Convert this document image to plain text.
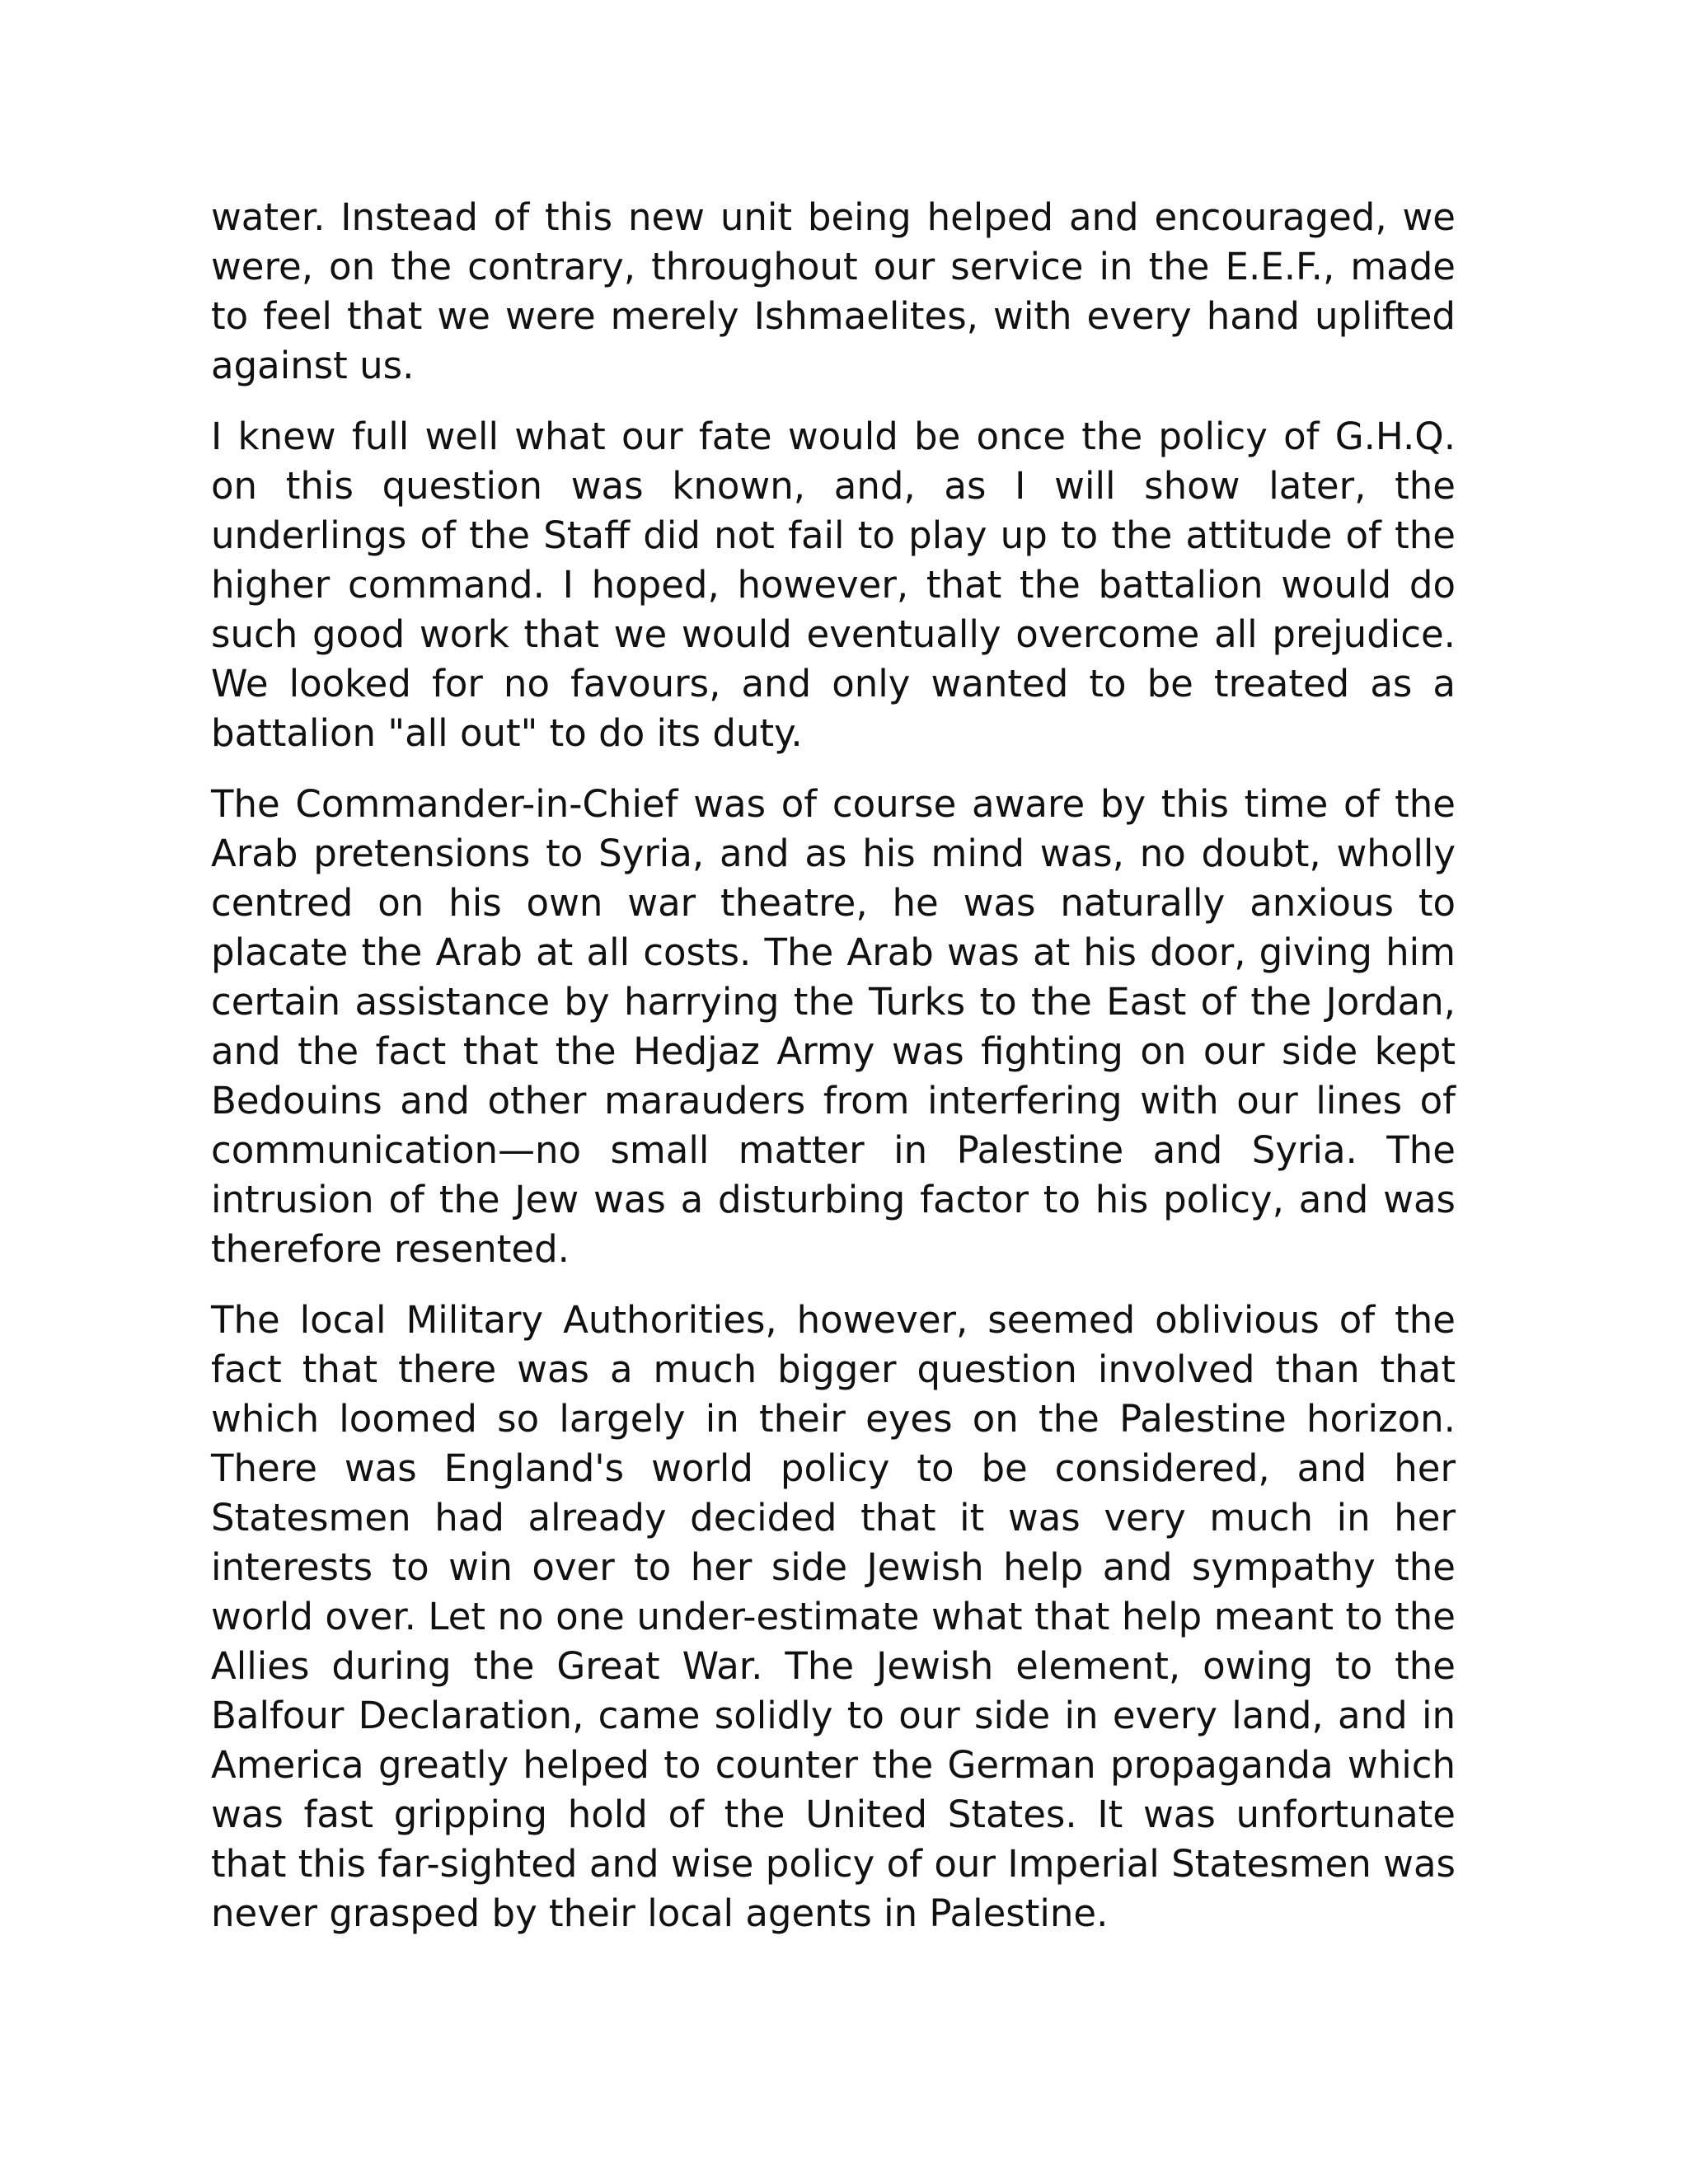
water. Instead of this new unit being helped and encouraged, we were, on the contrary, throughout our service in the E.E.F., made to feel that we were merely Ishmaelites, with every hand uplifted against us.

I knew full well what our fate would be once the policy of G.H.Q. on this question was known, and, as I will show later, the underlings of the Staff did not fail to play up to the attitude of the higher command. I hoped, however, that the battalion would do such good work that we would eventually overcome all prejudice. We looked for no favours, and only wanted to be treated as a battalion "all out" to do its duty.

The Commander-in-Chief was of course aware by this time of the Arab pretensions to Syria, and as his mind was, no doubt, wholly centred on his own war theatre, he was naturally anxious to placate the Arab at all costs. The Arab was at his door, giving him certain assistance by harrying the Turks to the East of the Jordan, and the fact that the Hedjaz Army was fighting on our side kept Bedouins and other marauders from interfering with our lines of communication—no small matter in Palestine and Syria. The intrusion of the Jew was a disturbing factor to his policy, and was therefore resented.

The local Military Authorities, however, seemed oblivious of the fact that there was a much bigger question involved than that which loomed so largely in their eyes on the Palestine horizon. There was England's world policy to be considered, and her Statesmen had already decided that it was very much in her interests to win over to her side Jewish help and sympathy the world over. Let no one under-estimate what that help meant to the Allies during the Great War. The Jewish element, owing to the Balfour Declaration, came solidly to our side in every land, and in America greatly helped to counter the German propaganda which was fast gripping hold of the United States. It was unfortunate that this far-sighted and wise policy of our Imperial Statesmen was never grasped by their local agents in Palestine.
